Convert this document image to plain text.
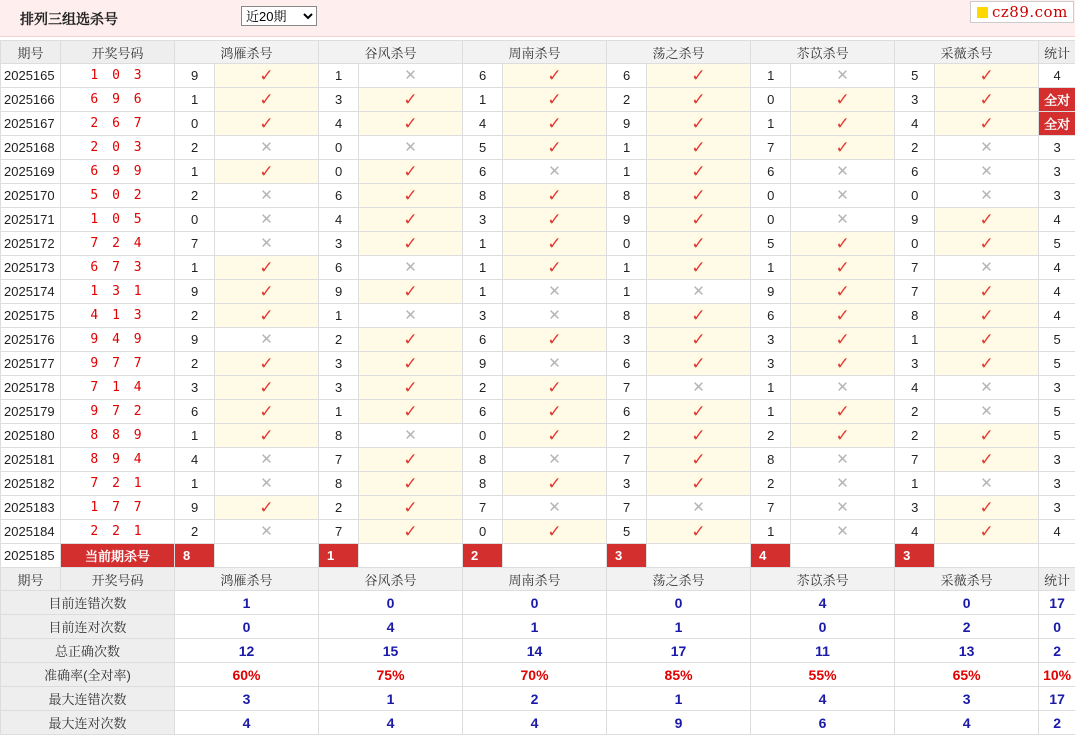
排列三组选杀号
近20期	cz89.com
期号	开奖号码	鸿雁杀号		谷风杀号		周南杀号		荡之杀号		苶苡杀号		采薇杀号		统计
2025165	1 0 3	9	✓	1	✕	6	✓	6	✓	1	✕	5	✓	4
2025166	6 9 6	1	✓	3	✓	1	✓	2	✓	0	✓	3	✓	全对
2025167	2 6 7	0	✓	4	✓	4	✓	9	✓	1	✓	4	✓	全对
2025168	2 0 3	2	✕	0	✕	5	✓	1	✓	7	✓	2	✕	3
2025169	6 9 9	1	✓	0	✓	6	✕	1	✓	6	✕	6	✕	3
2025170	5 0 2	2	✕	6	✓	8	✓	8	✓	0	✕	0	✕	3
2025171	1 0 5	0	✕	4	✓	3	✓	9	✓	0	✕	9	✓	4
2025172	7 2 4	7	✕	3	✓	1	✓	0	✓	5	✓	0	✓	5
2025173	6 7 3	1	✓	6	✕	1	✓	1	✓	1	✓	7	✕	4
2025174	1 3 1	9	✓	9	✓	1	✕	1	✕	9	✓	7	✓	4
2025175	4 1 3	2	✓	1	✕	3	✕	8	✓	6	✓	8	✓	4
2025176	9 4 9	9	✕	2	✓	6	✓	3	✓	3	✓	1	✓	5
2025177	9 7 7	2	✓	3	✓	9	✕	6	✓	3	✓	3	✓	5
2025178	7 1 4	3	✓	3	✓	2	✓	7	✕	1	✕	4	✕	3
2025179	9 7 2	6	✓	1	✓	6	✓	6	✓	1	✓	2	✕	5
2025180	8 8 9	1	✓	8	✕	0	✓	2	✓	2	✓	2	✓	5
2025181	8 9 4	4	✕	7	✓	8	✕	7	✓	8	✕	7	✓	3
2025182	7 2 1	1	✕	8	✓	8	✓	3	✓	2	✕	1	✕	3
2025183	1 7 7	9	✓	2	✓	7	✕	7	✕	7	✕	3	✓	3
2025184	2 2 1	2	✕	7	✓	0	✓	5	✓	1	✕	4	✓	4
2025185	当前期杀号	8		1		2		3		4		3		
期号	开奖号码	鸿雁杀号		谷风杀号		周南杀号		荡之杀号		苶苡杀号		采薇杀号		统计
目前连错次数		1		0		0		0		4		0		17
目前连对次数		0		4		1		1		0		2		0
总正确次数		12		15		14		17		11		13		2
准确率(全对率)		60%		75%		70%		85%		55%		65%		10%
最大连错次数		3		1		2		1		4		3		17
最大连对次数		4		4		4		9		6		4		2
